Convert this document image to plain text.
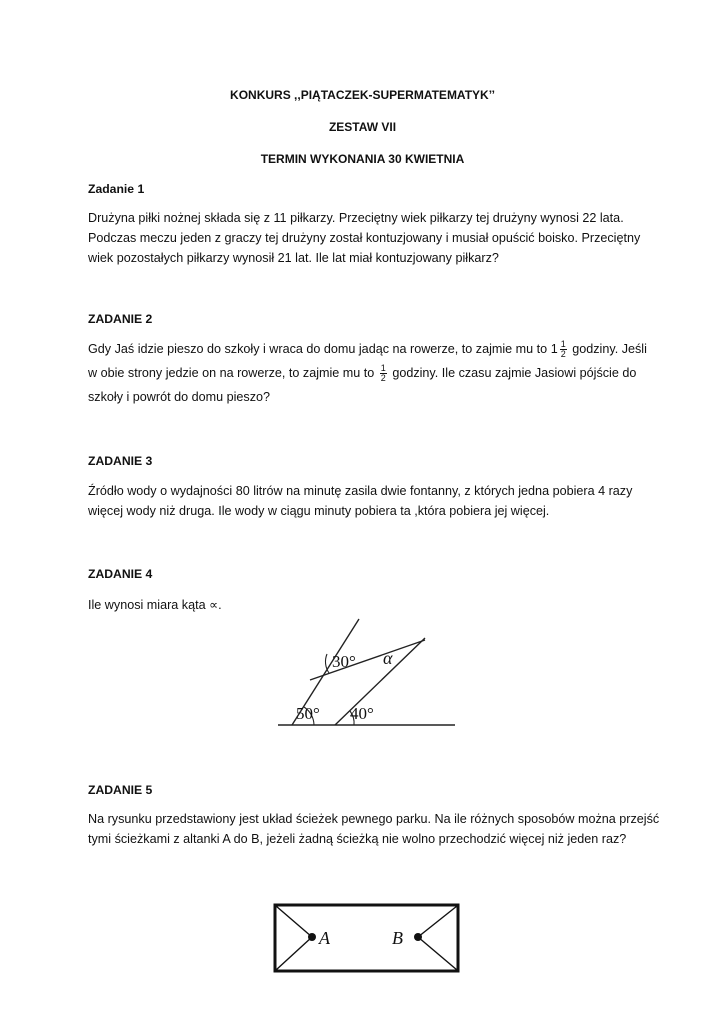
KONKURS ,,PIĄTACZEK-SUPERMATEMATYK’’
ZESTAW VII
TERMIN WYKONANIA 30 KWIETNIA
Zadanie 1
Drużyna piłki nożnej składa się z 11 piłkarzy. Przeciętny wiek piłkarzy tej drużyny wynosi 22 lata.
Podczas meczu jeden z graczy tej drużyny został kontuzjowany i musiał opuścić boisko. Przeciętny
wiek pozostałych piłkarzy wynosił 21 lat. Ile lat miał kontuzjowany piłkarz?
ZADANIE 2
Gdy Jaś idzie pieszo do szkoły i wraca do domu jadąc na rowerze, to zajmie mu to $1 \frac{1}{2}$ godziny. Jeśli
w obie strony jedzie on na rowerze, to zajmie mu to $\frac{1}{2}$ godziny. Ile czasu zajmie Jasiowi pójście do
szkoły i powrót do domu pieszo?
ZADANIE 3
Źródło wody o wydajności 80 litrów na minutę zasila dwie fontanny, z których jedna pobiera 4 razy
więcej wody niż druga. Ile wody w ciągu minuty pobiera ta ,która pobiera jej więcej.
ZADANIE 4
Ile wynosi miara kąta ∝.
30° α
50° 40°
ZADANIE 5
Na rysunku przedstawiony jest układ ścieżek pewnego parku. Na ile różnych sposobów można przejść
tymi ścieżkami z altanki A do B, jeżeli żadną ścieżką nie wolno przechodzić więcej niż jeden raz?
A	B
